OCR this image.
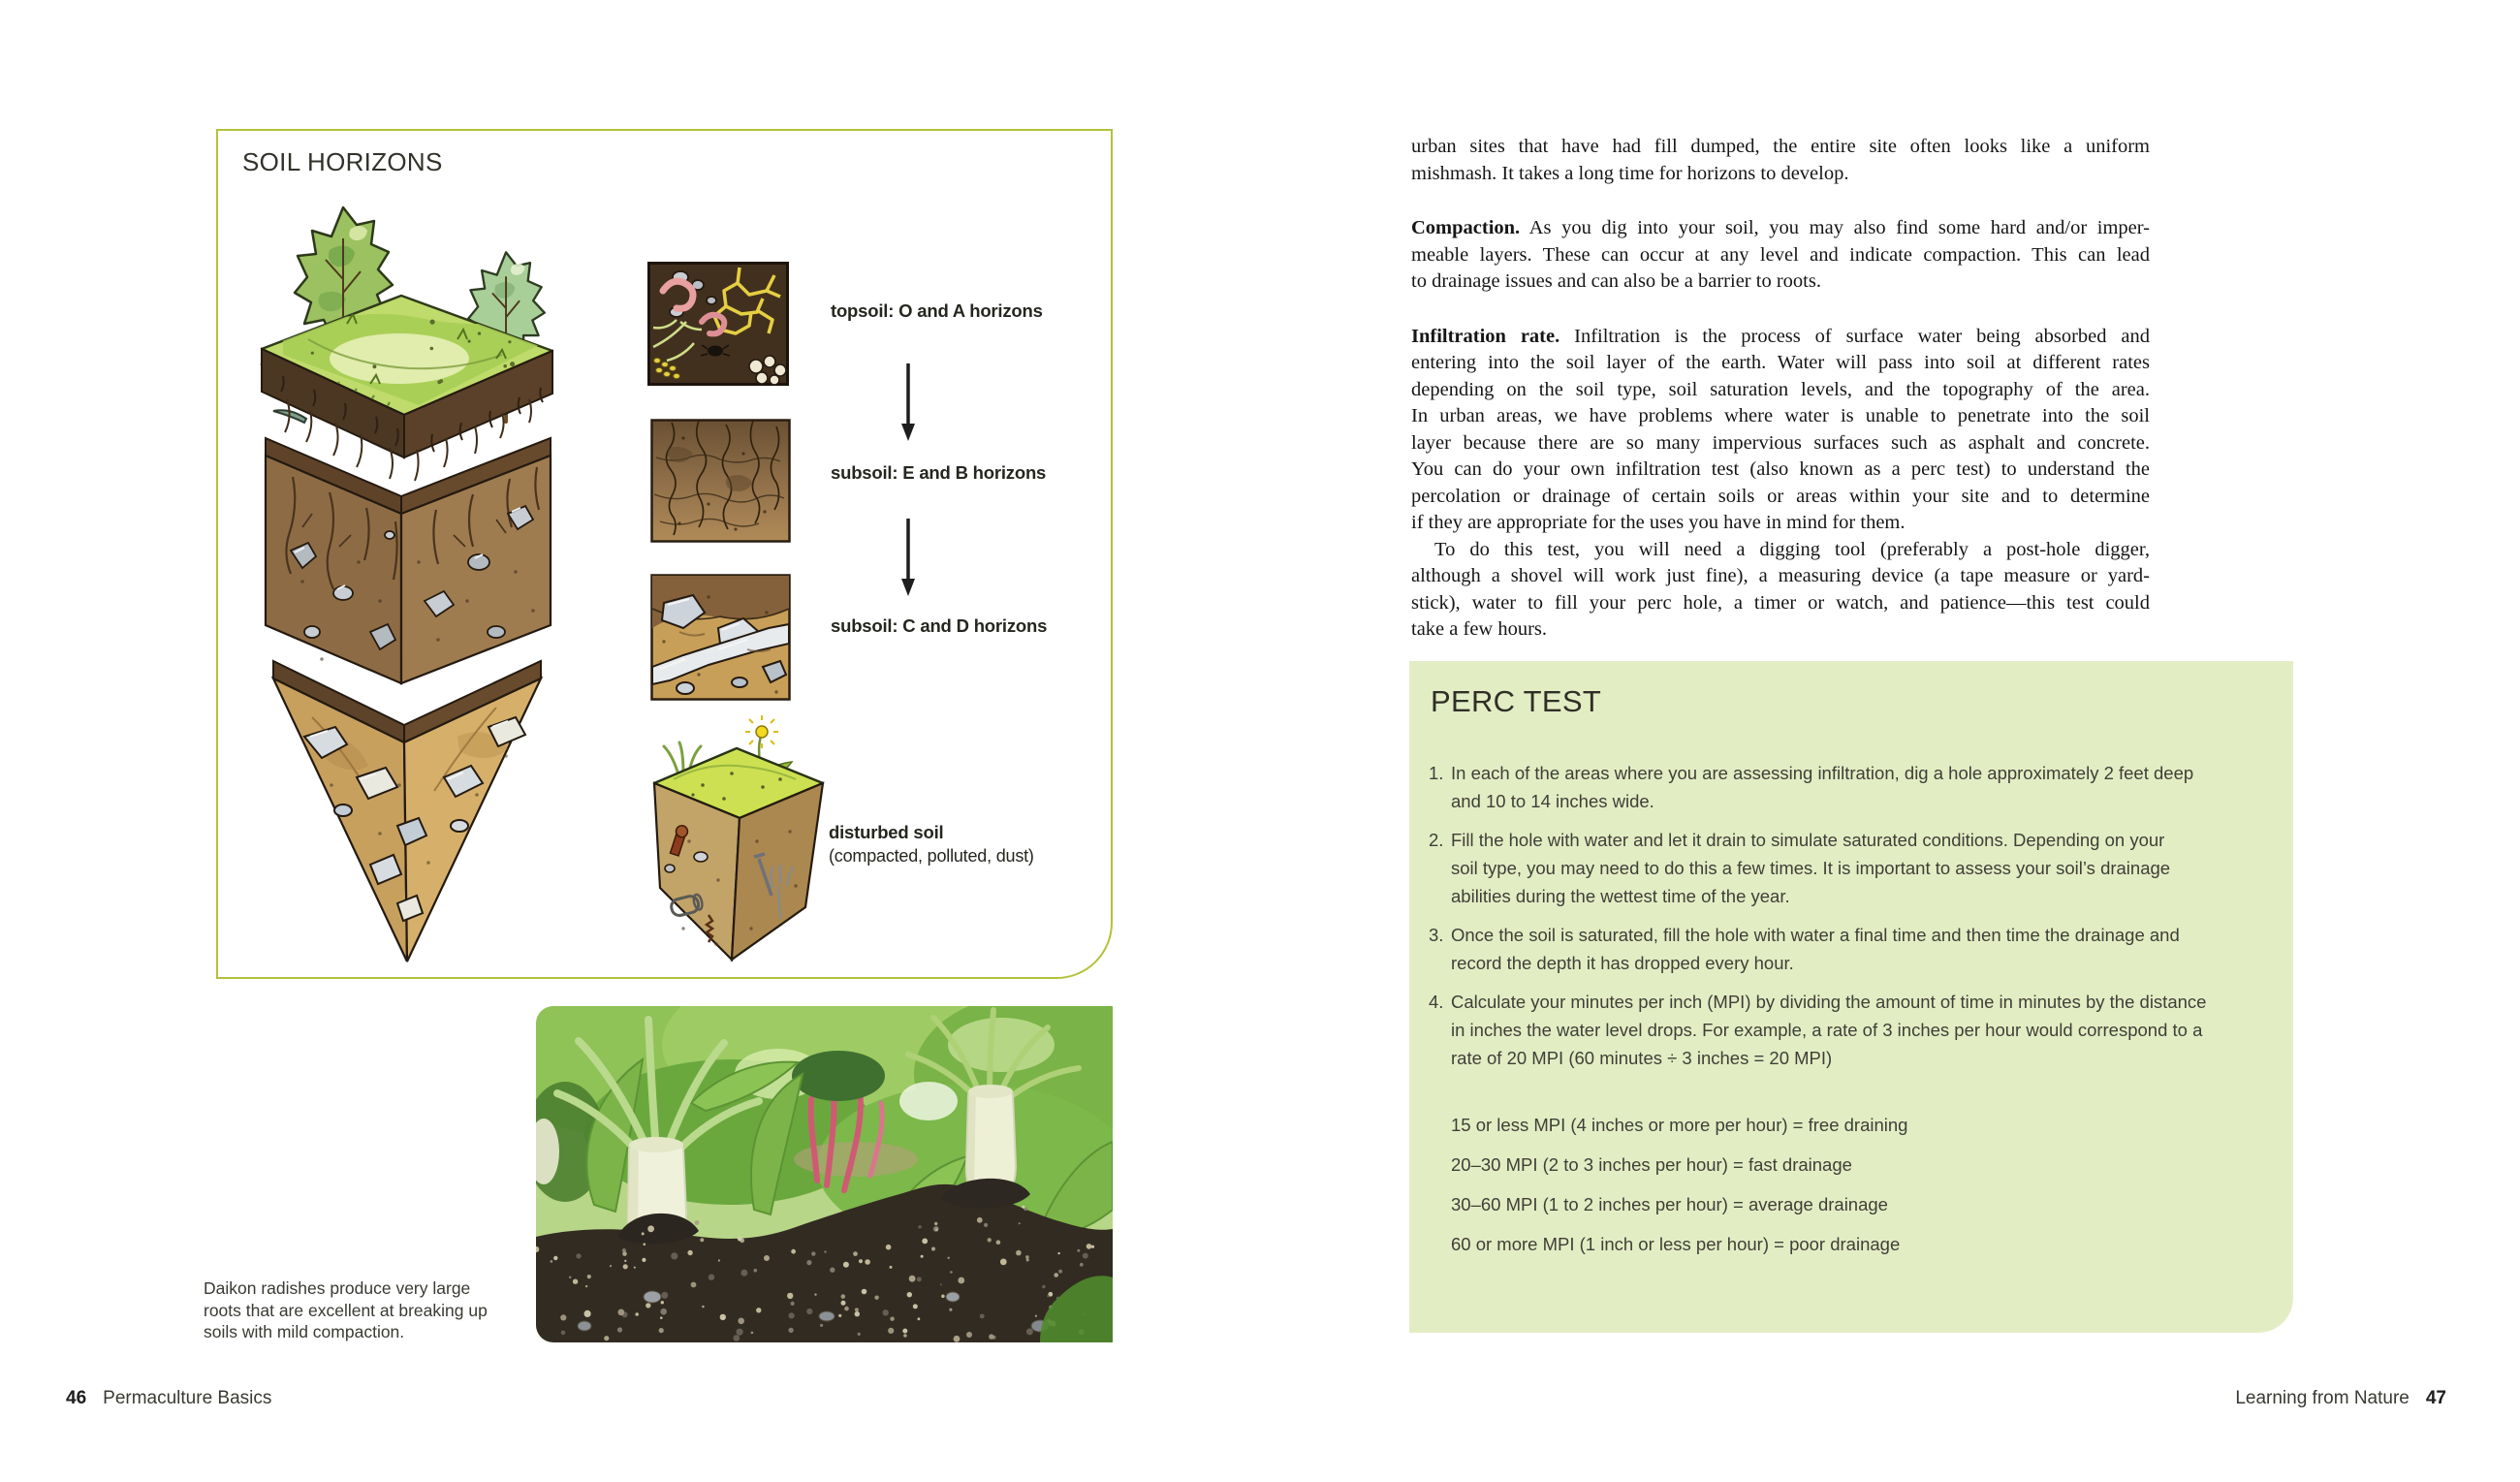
SOIL HORIZONS
topsoil: O and A horizons
subsoil: E and B horizons
subsoil: C and D horizons
disturbed soil
(compacted, polluted, dust)
Daikon radishes produce very large
roots that are excellent at breaking up
soils with mild compaction.
46 Permaculture Basics
urban sites that have had fill dumped, the entire site often looks like a uniform
mishmash. It takes a long time for horizons to develop.
Compaction. As you dig into your soil, you may also find some hard and/or imper-
meable layers. These can occur at any level and indicate compaction. This can lead
to drainage issues and can also be a barrier to roots.
Infiltration rate. Infiltration is the process of surface water being absorbed and
entering into the soil layer of the earth. Water will pass into soil at different rates
depending on the soil type, soil saturation levels, and the topography of the area.
In urban areas, we have problems where water is unable to penetrate into the soil
layer because there are so many impervious surfaces such as asphalt and concrete.
You can do your own infiltration test (also known as a perc test) to understand the
percolation or drainage of certain soils or areas within your site and to determine
if they are appropriate for the uses you have in mind for them.
To do this test, you will need a digging tool (preferably a post-hole digger,
although a shovel will work just fine), a measuring device (a tape measure or yard-
stick), water to fill your perc hole, a timer or watch, and patience—this test could
take a few hours.
PERC TEST
1. In each of the areas where you are assessing infiltration, dig a hole approximately 2 feet deep
and 10 to 14 inches wide.
2. Fill the hole with water and let it drain to simulate saturated conditions. Depending on your
soil type, you may need to do this a few times. It is important to assess your soil’s drainage
abilities during the wettest time of the year.
3. Once the soil is saturated, fill the hole with water a final time and then time the drainage and
record the depth it has dropped every hour.
4. Calculate your minutes per inch (MPI) by dividing the amount of time in minutes by the distance
in inches the water level drops. For example, a rate of 3 inches per hour would correspond to a
rate of 20 MPI (60 minutes ÷ 3 inches = 20 MPI)
15 or less MPI (4 inches or more per hour) = free draining
20–30 MPI (2 to 3 inches per hour) = fast drainage
30–60 MPI (1 to 2 inches per hour) = average drainage
60 or more MPI (1 inch or less per hour) = poor drainage
Learning from Nature 47
